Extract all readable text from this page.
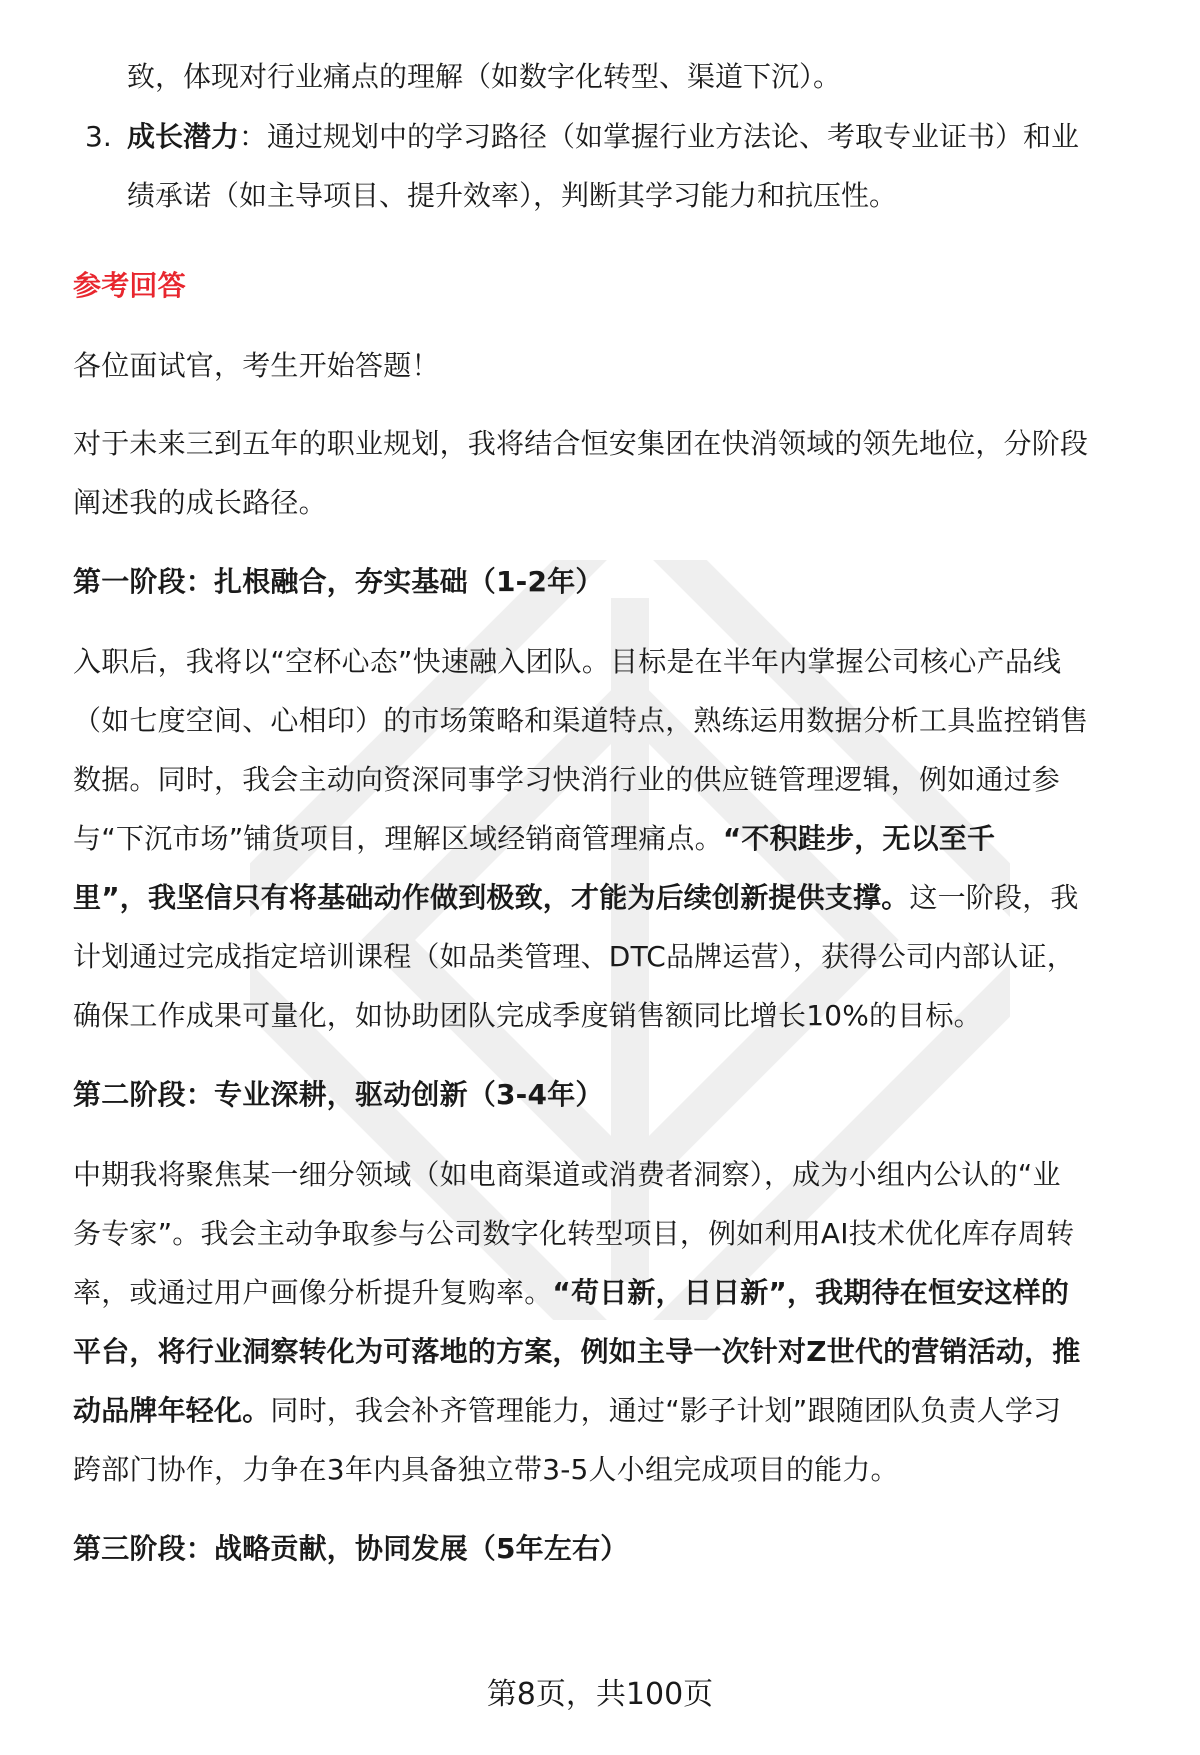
致，体现对行业痛点的理解（如数字化转型、渠道下沉）。
3. 成长潜力：通过规划中的学习路径（如掌握行业方法论、考取专业证书）和业
绩承诺（如主导项目、提升效率），判断其学习能力和抗压性。
参考回答
各位面试官，考生开始答题！
对于未来三到五年的职业规划，我将结合恒安集团在快消领域的领先地位，分阶段
阐述我的成长路径。
第一阶段：扎根融合，夯实基础（1-2年）
入职后，我将以“空杯心态”快速融入团队。目标是在半年内掌握公司核心产品线
（如七度空间、心相印）的市场策略和渠道特点，熟练运用数据分析工具监控销售
数据。同时，我会主动向资深同事学习快消行业的供应链管理逻辑，例如通过参
与“下沉市场”铺货项目，理解区域经销商管理痛点。“不积跬步，无以至千
里”，我坚信只有将基础动作做到极致，才能为后续创新提供支撑。这一阶段，我
计划通过完成指定培训课程（如品类管理、DTC品牌运营），获得公司内部认证，
确保工作成果可量化，如协助团队完成季度销售额同比增长10%的目标。
第二阶段：专业深耕，驱动创新（3-4年）
中期我将聚焦某一细分领域（如电商渠道或消费者洞察），成为小组内公认的“业
务专家”。我会主动争取参与公司数字化转型项目，例如利用AI技术优化库存周转
率，或通过用户画像分析提升复购率。“苟日新，日日新”，我期待在恒安这样的
平台，将行业洞察转化为可落地的方案，例如主导一次针对Z世代的营销活动，推
动品牌年轻化。同时，我会补齐管理能力，通过“影子计划”跟随团队负责人学习
跨部门协作，力争在3年内具备独立带3-5人小组完成项目的能力。
第三阶段：战略贡献，协同发展（5年左右）
第8页，共100页
